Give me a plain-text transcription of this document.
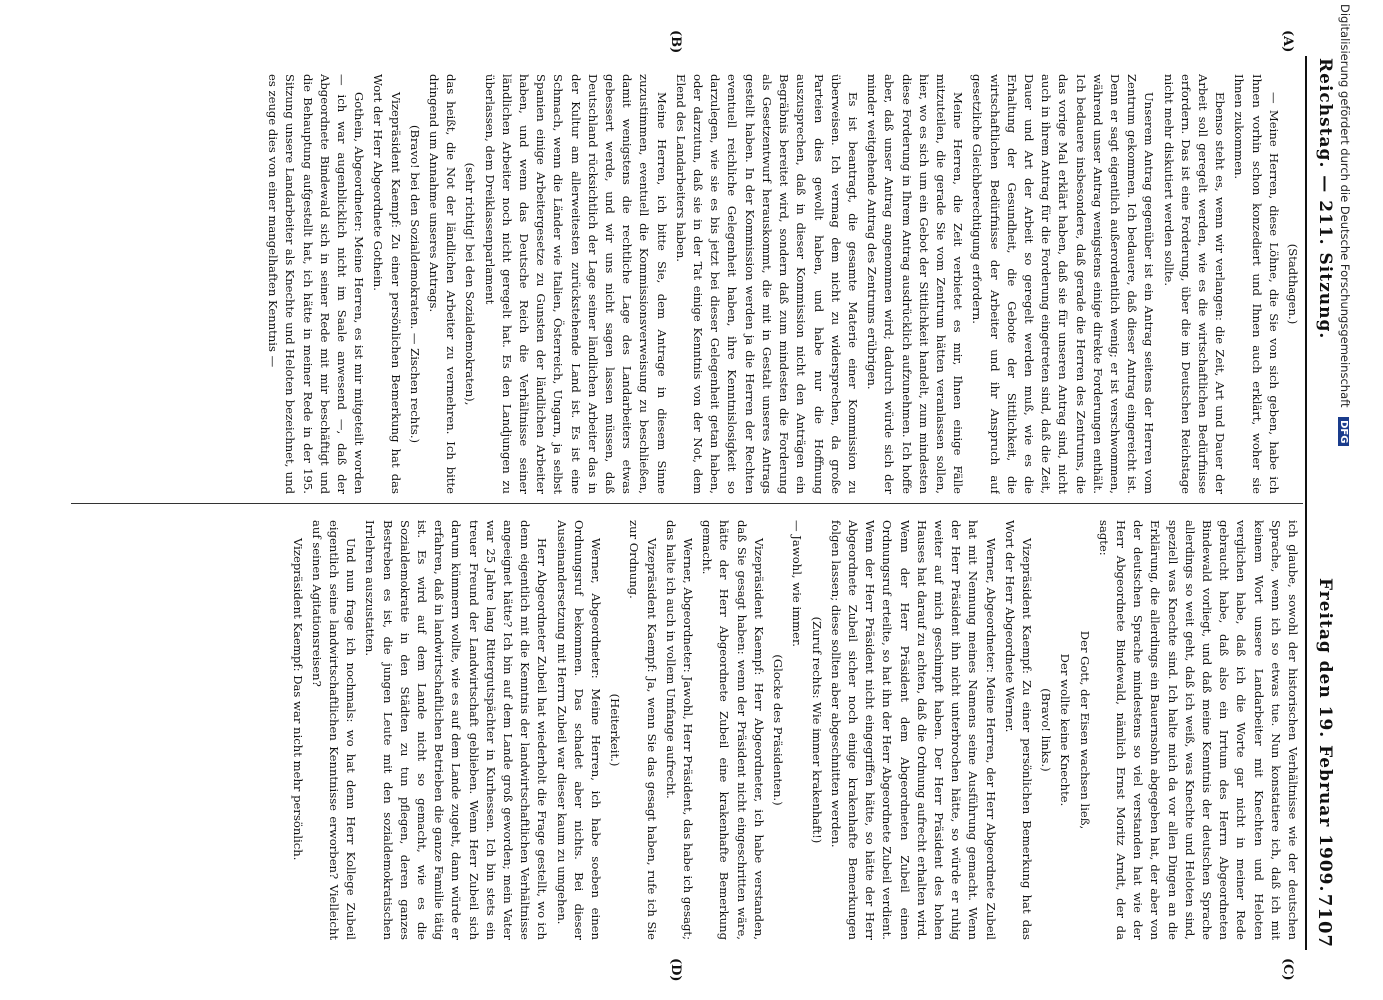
Reichstag. — 211. Sitzung.
7107
Freitag den 19. Februar 1909.
(A)
(B)
(C)
(D)

(Stadthagen.)

— Meine Herren, diese Löhne, die Sie von sich geben, habe ich Ihnen vorhin schon konzediert und Ihnen auch erklärt, woher sie Ihnen zukommen.

Ebenso steht es, wenn wir verlangen: die Zeit, Art und Dauer der Arbeit soll geregelt werden, wie es die wirtschaftlichen Bedürfnisse erfordern. Das ist eine Forderung, über die im Deutschen Reichstage nicht mehr diskutiert werden sollte.

Unserem Antrag gegenüber ist ein Antrag seitens der Herren vom Zentrum gekommen. Ich bedauere, daß dieser Antrag eingereicht ist. Denn er sagt eigentlich außerordentlich wenig; er ist verschwommen, während unser Antrag wenigstens einige direkte Forderungen enthält. Ich bedauere insbesondere, daß gerade die Herren des Zentrums, die das vorige Mal erklärt haben, daß sie für unseren Antrag sind, nicht auch in ihrem Antrag für die Forderung eingetreten sind, daß die Zeit, Dauer und Art der Arbeit so geregelt werden muß, wie es die Erhaltung der Gesundheit, die Gebote der Sittlichkeit, die wirtschaftlichen Bedürfnisse der Arbeiter und ihr Anspruch auf gesetzliche Gleichberechtigung erfordern.

Meine Herren, die Zeit verbietet es mir, Ihnen einige Fälle mitzuteilen, die gerade Sie vom Zentrum hätten veranlassen sollen, hier, wo es sich um ein Gebot der Sittlichkeit handelt, zum mindesten diese Forderung in Ihrem Antrag ausdrücklich aufzunehmen. Ich hoffe aber, daß unser Antrag angenommen wird; dadurch würde sich der minder weitgehende Antrag des Zentrums erübrigen.

Es ist beantragt, die gesamte Materie einer Kommission zu überweisen. Ich vermag dem nicht zu widersprechen, da große Parteien dies gewollt haben, und habe nur die Hoffnung auszusprechen, daß in dieser Kommission nicht den Anträgen ein Begräbnis bereitet wird, sondern daß zum mindesten die Forderung als Gesetzentwurf herauskommt, die mit in Gestalt unseres Antrags gestellt haben. In der Kommission werden ja die Herren der Rechten eventuell reichliche Gelegenheit haben, ihre Kenntnislosigkeit so darzulegen, wie sie es bis jetzt bei dieser Gelegenheit getan haben, oder darzutun, daß sie in der Tat einige Kenntnis von der Not, dem Elend des Landarbeiters haben.

Meine Herren, ich bitte Sie, dem Antrage in diesem Sinne zuzustimmen, eventuell die Kommissionsverweisung zu beschließen, damit wenigstens die rechtliche Lage des Landarbeiters etwas gebessert werde, und wir uns nicht sagen lassen müssen, daß Deutschland rücksichtlich der Lage seiner ländlichen Arbeiter das in der Kultur am allerweitesten zurückstehende Land ist. Es ist eine Schmach, wenn die Länder wie Italien, Österreich, Ungarn, ja selbst Spanien einige Arbeitergesetze zu Gunsten der ländlichen Arbeiter haben, und wenn das Deutsche Reich die Verhältnisse seiner ländlichen Arbeiter noch nicht geregelt hat. Es den Landjungen zu überlassen, dem Dreiklassenparlament

(sehr richtig! bei den Sozialdemokraten),

das heißt, die Not der ländlichen Arbeiter zu vermehren. Ich bitte dringend um Annahme unseres Antrags.

(Bravo! bei den Sozialdemokraten. — Zischen rechts.)

Vizepräsident Kaempf: Zu einer persönlichen Bemerkung hat das Wort der Herr Abgeordnete Gothein.

Gothein, Abgeordneter: Meine Herren, es ist mir mitgeteilt worden — ich war augenblicklich nicht im Saale anwesend —, daß der Abgeordnete Bindewald sich in seiner Rede mit mir beschäftigt und die Behauptung aufgestellt hat, ich hätte in meiner Rede in der 195. Sitzung unsere Landarbeiter als Knechte und Heloten bezeichnet, und es zeuge dies von einer mangelhaften Kenntnis —

ich glaube, sowohl der historischen Verhältnisse wie der deutschen Sprache, wenn ich so etwas tue. Nun konstatiere ich, daß ich mit keinem Wort unsere Landarbeiter mit Knechten und Heloten verglichen habe, daß ich die Worte gar nicht in meiner Rede gebraucht habe, daß also ein Irrtum des Herrn Abgeordneten Bindewald vorliegt, und daß meine Kenntnis der deutschen Sprache allerdings so weit geht, daß ich weiß, was Knechte und Heloten sind, speziell was Knechte sind. Ich halte mich da vor allen Dingen an die Erklärung, die allerdings ein Bauernsohn abgegeben hat, der aber von der deutschen Sprache mindestens so viel verstanden hat wie der Herr Abgeordnete Bindewald, nämlich Ernst Moritz Arndt, der da sagte:

Der Gott, der Eisen wachsen ließ,

Der wollte keine Knechte.

(Bravo! links.)

Vizepräsident Kaempf: Zu einer persönlichen Bemerkung hat das Wort der Herr Abgeordnete Werner.

Werner, Abgeordneter: Meine Herren, der Herr Abgeordnete Zubeil hat mit Nennung meines Namens seine Ausführung gemacht. Wenn der Herr Präsident ihn nicht unterbrochen hätte, so würde er ruhig weiter auf mich geschimpft haben. Der Herr Präsident des hohen Hauses hat darauf zu achten, daß die Ordnung aufrecht erhalten wird. Wenn der Herr Präsident dem Abgeordneten Zubeil einen Ordnungsruf erteilte, so hat ihn der Herr Abgeordnete Zubeil verdient. Wenn der Herr Präsident nicht eingegriffen hätte, so hätte der Herr Abgeordnete Zubeil sicher noch einige krakenhafte Bemerkungen folgen lassen; diese sollten aber abgeschnitten werden.

(Zuruf rechts: Wie immer krakenhaft!)

— Jawohl, wie immer.

(Glocke des Präsidenten.)

Vizepräsident Kaempf: Herr Abgeordneter, ich habe verstanden, daß Sie gesagt haben: wenn der Präsident nicht eingeschritten wäre, hätte der Herr Abgeordnete Zubeil eine krakenhafte Bemerkung gemacht.

Werner, Abgeordneter: Jawohl, Herr Präsident, das habe ich gesagt; das halte ich auch in vollem Umfange aufrecht.

Vizepräsident Kaempf: Ja, wenn Sie das gesagt haben, rufe ich Sie zur Ordnung.

(Heiterkeit.)

Werner, Abgeordneter: Meine Herren, ich habe soeben einen Ordnungsruf bekommen. Das schadet aber nichts. Bei dieser Auseinandersetzung mit Herrn Zubeil war dieser kaum zu umgehen.

Herr Abgeordneter Zubeil hat wiederholt die Frage gestellt, wo ich denn eigentlich mit die Kenntnis der landwirtschaftlichen Verhältnisse angeeignet hätte? Ich bin auf dem Lande groß geworden; mein Vater war 25 Jahre lang Rittergutspächter in Kurhessen. Ich bin stets ein treuer Freund der Landwirtschaft geblieben. Wenn Herr Zubeil sich darum kümmern wollte, wie es auf dem Lande zugeht, dann würde er erfahren, daß in landwirtschaftlichen Betrieben die ganze Familie tätig ist. Es wird auf dem Lande nicht so gemacht, wie es die Sozialdemokratie in den Städten zu tun pflegen, deren ganzes Bestreben es ist, die jungen Leute mit den sozialdemokratischen Irrlehren auszustatten.

Und nun frage ich nochmals: wo hat denn Herr Kollege Zubeil eigentlich seine landwirtschaftlichen Kenntnisse erworben? Vielleicht auf seinen Agitationsreisen?

Vizepräsident Kaempf: Das war nicht mehr persönlich.

Digitalisierung gefördert durch die Deutsche Forschungsgemeinschaft DFG
